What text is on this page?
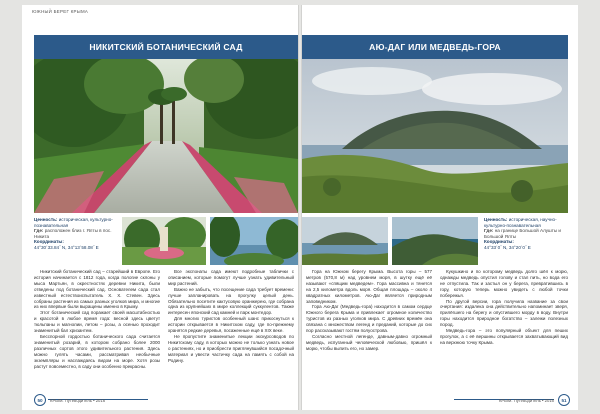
ЮЖНЫЙ БЕРЕГ КРЫМА
НИКИТСКИЙ БОТАНИЧЕСКИЙ САД
Ценность: историческая, культурно-познавательная
Где: расположен близ г. Ялты в пос. Никита
Координаты:
44°30´33.84˝ N, 34°13´58.08˝ E

Никитский ботанический сад – старейший в Европе. Его история начинается с 1812 года, когда пологие склоны у мыса Мартьян, в окрестностях деревни Никита, были отведены под ботанический сад. Основателем сада стал известный естествоиспытатель Х. Х. Стевен. Здесь собраны растения из самых разных уголков мира, и многие из них впервые были выращены именно в Крыму.

Этот ботанический сад поражает своей масштабностью и красотой в любое время года: весной здесь цветут тюльпаны и магнолии, летом – розы, а осенью проходит знаменитый бал хризантем.

Бесспорной гордостью ботанического сада считается знаменитый розарий, в котором собрано более 2000 различных сортов этого удивительного растения. Здесь можно гулять часами, рассматривая необычные экземпляры и наслаждаясь видом на море. Хотя розы растут повсеместно, в саду они особенно прекрасны.

Все экспонаты сада имеют подробные таблички с описанием, которые помогут лучше узнать удивительный мир растений.

Важно не забыть, что посещение сада требует времени: лучше запланировать на прогулку целый день. Обязательно посетите кактусовую оранжерею, где собрана одна из крупнейших в мире коллекций суккулентов. Также интересен японский сад камней и парк монтедор.

Для многих туристов особенный шанс прикоснуться к истории открывается в Никитском саду, где по-прежнему хранятся редкие деревья, посаженные ещё в XIX веке.

Не пропустите знаменитые лекции экскурсоводов по Никитскому саду, в которых можно не только узнать новое о растениях, но и приобрести приглянувшийся посадочный материал и увести частичку сада на память с собой на Родину.

50	КРЫМ. Путеводитель • 2016
АЮ-ДАГ ИЛИ МЕДВЕДЬ-ГОРА
Ценность: историческая, научно-культурно-познавательная
Где: на границе Большой Алушты и Большой Ялты
Координаты:
44°33´0˝ N, 34°20´0˝ E

Гора на Южном берегу Крыма. Высота горы – 577 метров (570,8 м) над уровнем моря, в шутку ещё её называют «спящим медведем». Гора массивна и тянется на 2,5 километра вдоль моря. Общая площадь – около 4 квадратных километров. Аю-Даг является природным заповедником.

Гора Аю-Даг (Медведь-гора) находится в самом сердце Южного берега Крыма и привлекает огромное количество туристов из разных уголков мира. С древних времён она связана с множеством легенд и преданий, которые до сих пор рассказывают гостям полуострова.

Согласно местной легенде, давным-давно огромный медведь, испуганный человеческой любовью, пришёл к морю, чтобы выпить его, но замер.

Кукушкино и по которому медведь долго шёл к морю, однажды медведь опустил голову и стал пить, но вода его не отпустила. Так и застыл он у берега, превратившись в гору, которую теперь можно увидеть с любой точки побережья.

По другой версии, гора получила название за свои очертания: издалека она действительно напоминает зверя, прилёгшего на берегу и опустившего морду в воду. Внутри горы находится природное богатство – залежи полезных пород.

Медведь-гора – это популярный объект для пеших прогулок, а с её вершины открывается захватывающий вид на верхнюю точку Крыма.

КРЫМ. Путеводитель • 2016	51
